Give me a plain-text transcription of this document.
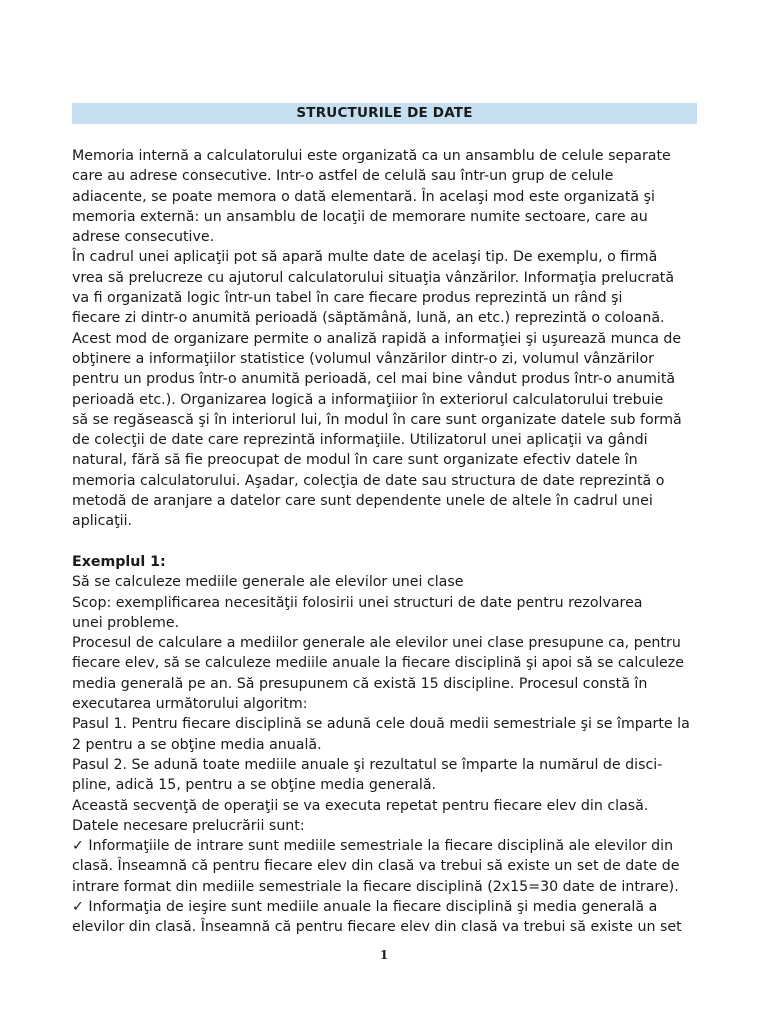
STRUCTURILE DE DATE

Memoria internă a calculatorului este organizată ca un ansamblu de celule separate

care au adrese consecutive. Intr-o astfel de celulă sau într-un grup de celule

adiacente, se poate memora o dată elementară. În acelaşi mod este organizată şi

memoria externă: un ansamblu de locaţii de memorare numite sectoare, care au

adrese consecutive.

În cadrul unei aplicaţii pot să apară multe date de acelaşi tip. De exemplu, o firmă

vrea să prelucreze cu ajutorul calculatorului situaţia vânzărilor. Informaţia prelucrată

va fi organizată logic într-un tabel în care fiecare produs reprezintă un rând şi

fiecare zi dintr-o anumită perioadă (săptămână, lună, an etc.) reprezintă o coloană.

Acest mod de organizare permite o analiză rapidă a informaţiei şi uşurează munca de

obţinere a informaţiilor statistice (volumul vânzărilor dintr-o zi, volumul vânzărilor

pentru un produs într-o anumită perioadă, cel mai bine vândut produs într-o anumită

perioadă etc.). Organizarea logică a informaţiiior în exteriorul calculatorului trebuie

să se regăsească şi în interiorul lui, în modul în care sunt organizate datele sub formă

de colecţii de date care reprezintă informaţiile. Utilizatorul unei aplicaţii va gândi

natural, fără să fie preocupat de modul în care sunt organizate efectiv datele în

memoria calculatorului. Aşadar, colecţia de date sau structura de date reprezintă o

metodă de aranjare a datelor care sunt dependente unele de altele în cadrul unei

aplicaţii.

Exemplul 1:

Să se calculeze mediile generale ale elevilor unei clase

Scop: exemplificarea necesităţii folosirii unei structuri de date pentru rezolvarea

unei probleme.

Procesul de calculare a mediilor generale ale elevilor unei clase presupune ca, pentru

fiecare elev, să se calculeze mediile anuale la fiecare disciplină şi apoi să se calculeze

media generală pe an. Să presupunem că există 15 discipline. Procesul constă în

executarea următorului algoritm:

Pasul 1. Pentru fiecare disciplină se adună cele două medii semestriale şi se împarte la

2 pentru a se obţine media anuală.

Pasul 2. Se adună toate mediile anuale şi rezultatul se împarte la numărul de disci-

pline, adică 15, pentru a se obţine media generală.

Această secvenţă de operaţii se va executa repetat pentru fiecare elev din clasă.

Datele necesare prelucrării sunt:

✓ Informaţiile de intrare sunt mediile semestriale la fiecare disciplină ale elevilor din

clasă. Înseamnă că pentru fiecare elev din clasă va trebui să existe un set de date de

intrare format din mediile semestriale la fiecare disciplină (2x15=30 date de intrare).

✓ Informaţia de ieşire sunt mediile anuale la fiecare disciplină şi media generală a

elevilor din clasă. Înseamnă că pentru fiecare elev din clasă va trebui să existe un set

1
